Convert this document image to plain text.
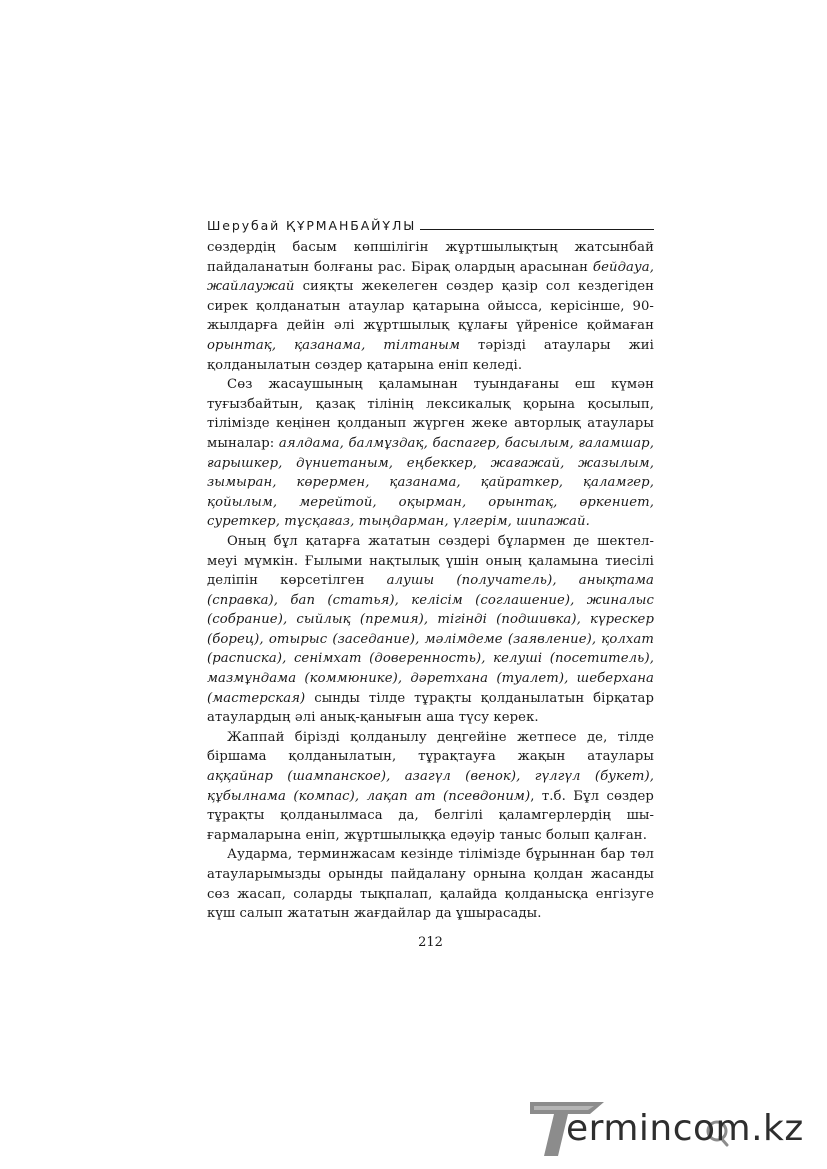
Шерубай ҚҰРМАНБАЙҰЛЫ

сөздердің басым көпшілігін жұртшылықтың жатсынбай пайдаланатын болғаны рас. Бірақ олардың арасынан бейдауа, жайлаужай сияқты жекелеген сөздер қазір сол кездегіден сирек қолданатын атаулар қатарына ойысса, керісінше, 90-жылдарға дейін әлі жұртшылық құлағы үйренісе қоймаған орынтақ, қазанама, тілтаным тәрізді атаулары жиі қолданылатын сөздер қатарына еніп келеді.

Сөз жасаушының қаламынан туындағаны еш күмән туғызбайтын, қазақ тілінің лексикалық қорына қосылып, тілімізде кеңінен қолданып жүрген жеке авторлық атаулары мыналар: аялдама, балмұздақ, баспагер, басылым, ғаламшар, ғарышкер, дүниетаным, еңбеккер, жағажай, жазылым, зымыран, көрермен, қазанама, қайраткер, қаламгер, қойылым, мерейтой, оқырман, орынтақ, өркениет, суреткер, тұсқағаз, тыңдарман, үлгерім, шипажай.

Оның бұл қатарға жататын сөздері бұлармен де шектелмеуі мүмкін. Ғылыми нақтылық үшін оның қаламына тиесілі деліпін көрсетілген алушы (получатель), анықтама (справка), бап (статья), келісім (соглашение), жиналыс (собрание), сыйлық (премия), тігінді (подшивка), күрескер (борец), отырыс (заседание), мәлімдеме (заявление), қолхат (расписка), сенімхат (доверенность), келуші (посетитель), мазмұндама (коммюнике), дәретхана (туалет), шеберхана (мастерская) сынды тілде тұрақты қолданылатын бірқатар атаулардың әлі анық-қанығын аша түсу керек.

Жаппай бірізді қолданылу деңгейіне жетпесе де, тілде біршама қолданылатын, тұрақтауға жақын атаулары аққайнар (шампанское), азагүл (венок), гүлгүл (букет), құбылнама (компас), лақап ат (псевдоним), т.б. Бұл сөздер тұрақты қолданылмаса да, белгілі қаламгерлердің шығармаларына еніп, жұртшылыққа едәуір таныс болып қалған.

Аударма, терминжасам кезінде тілімізде бұрыннан бар төл атауларымызды орынды пайдалану орнына қолдан жасанды сөз жасап, соларды тықпалап, қалайда қолданысқа енгізуге күш салып жататын жағдайлар да ұшырасады.

212
ermincom.kz
